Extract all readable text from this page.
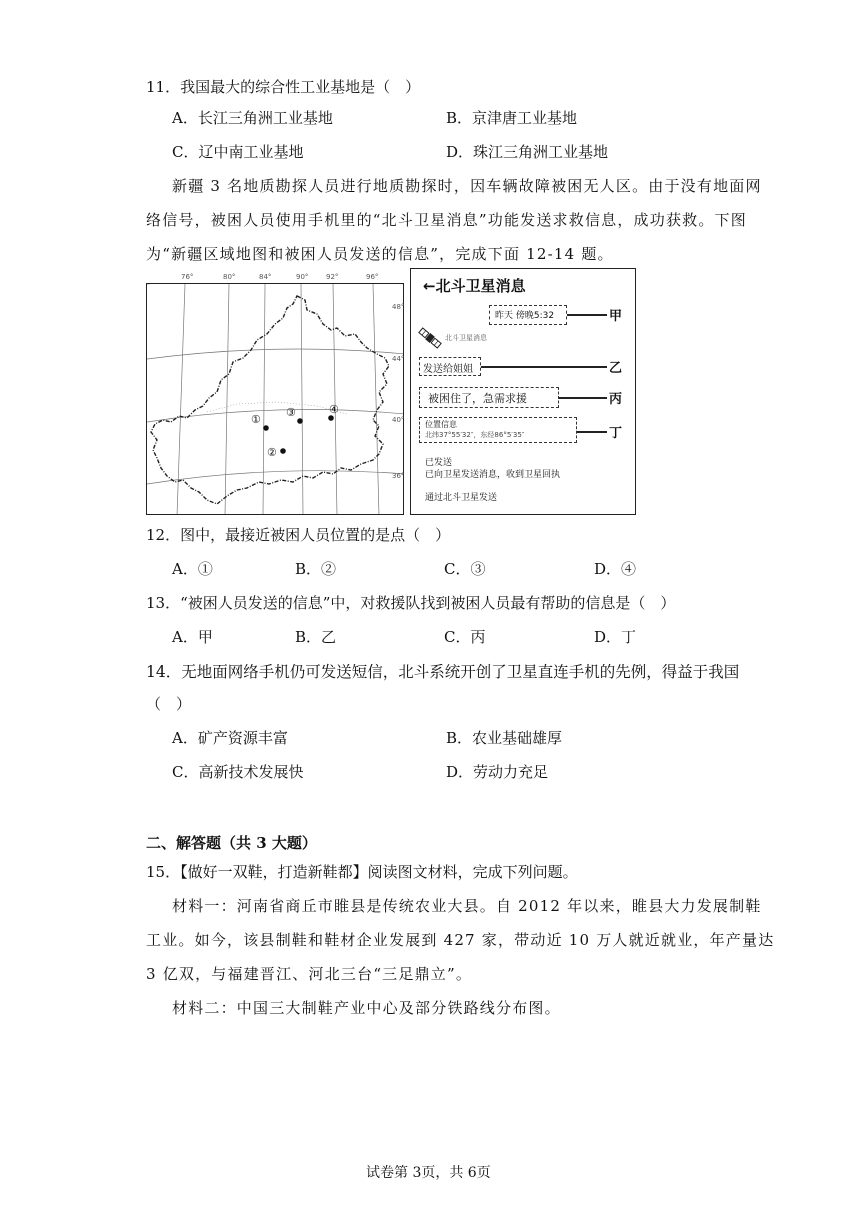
11．我国最大的综合性工业基地是（　）
A．长江三角洲工业基地	B．京津唐工业基地
C．辽中南工业基地	D．珠江三角洲工业基地
新疆 3 名地质勘探人员进行地质勘探时，因车辆故障被困无人区。由于没有地面网
络信号，被困人员使用手机里的“北斗卫星消息”功能发送求救信息，成功获救。下图
为“新疆区域地图和被困人员发送的信息”，完成下面 12-14 题。
76°	80°	84°	90°	92°	96°
①
②
③	④
48°
44°
40°
36°
←北斗卫星消息
昨天 傍晚5:32
北斗卫星消息
发送给姐姐
被困住了，急需求援
位置信息
北纬37°55′32″，东经86°5′35″
已发送
已向卫星发送消息，收到卫星回执
通过北斗卫星发送
甲
乙
丙
丁
12．图中，最接近被困人员位置的是点（　）
A．①	B．②	C．③	D．④
13．“被困人员发送的信息”中，对救援队找到被困人员最有帮助的信息是（　）
A．甲	B．乙	C．丙	D．丁
14．无地面网络手机仍可发送短信，北斗系统开创了卫星直连手机的先例，得益于我国
（　）
A．矿产资源丰富	B．农业基础雄厚
C．高新技术发展快	D．劳动力充足
二、解答题（共 3 大题）
15．【做好一双鞋，打造新鞋都】阅读图文材料，完成下列问题。
材料一：河南省商丘市睢县是传统农业大县。自 2012 年以来，睢县大力发展制鞋
工业。如今，该县制鞋和鞋材企业发展到 427 家，带动近 10 万人就近就业，年产量达
3 亿双，与福建晋江、河北三台“三足鼎立”。
材料二：中国三大制鞋产业中心及部分铁路线分布图。
试卷第 3页，共 6页
